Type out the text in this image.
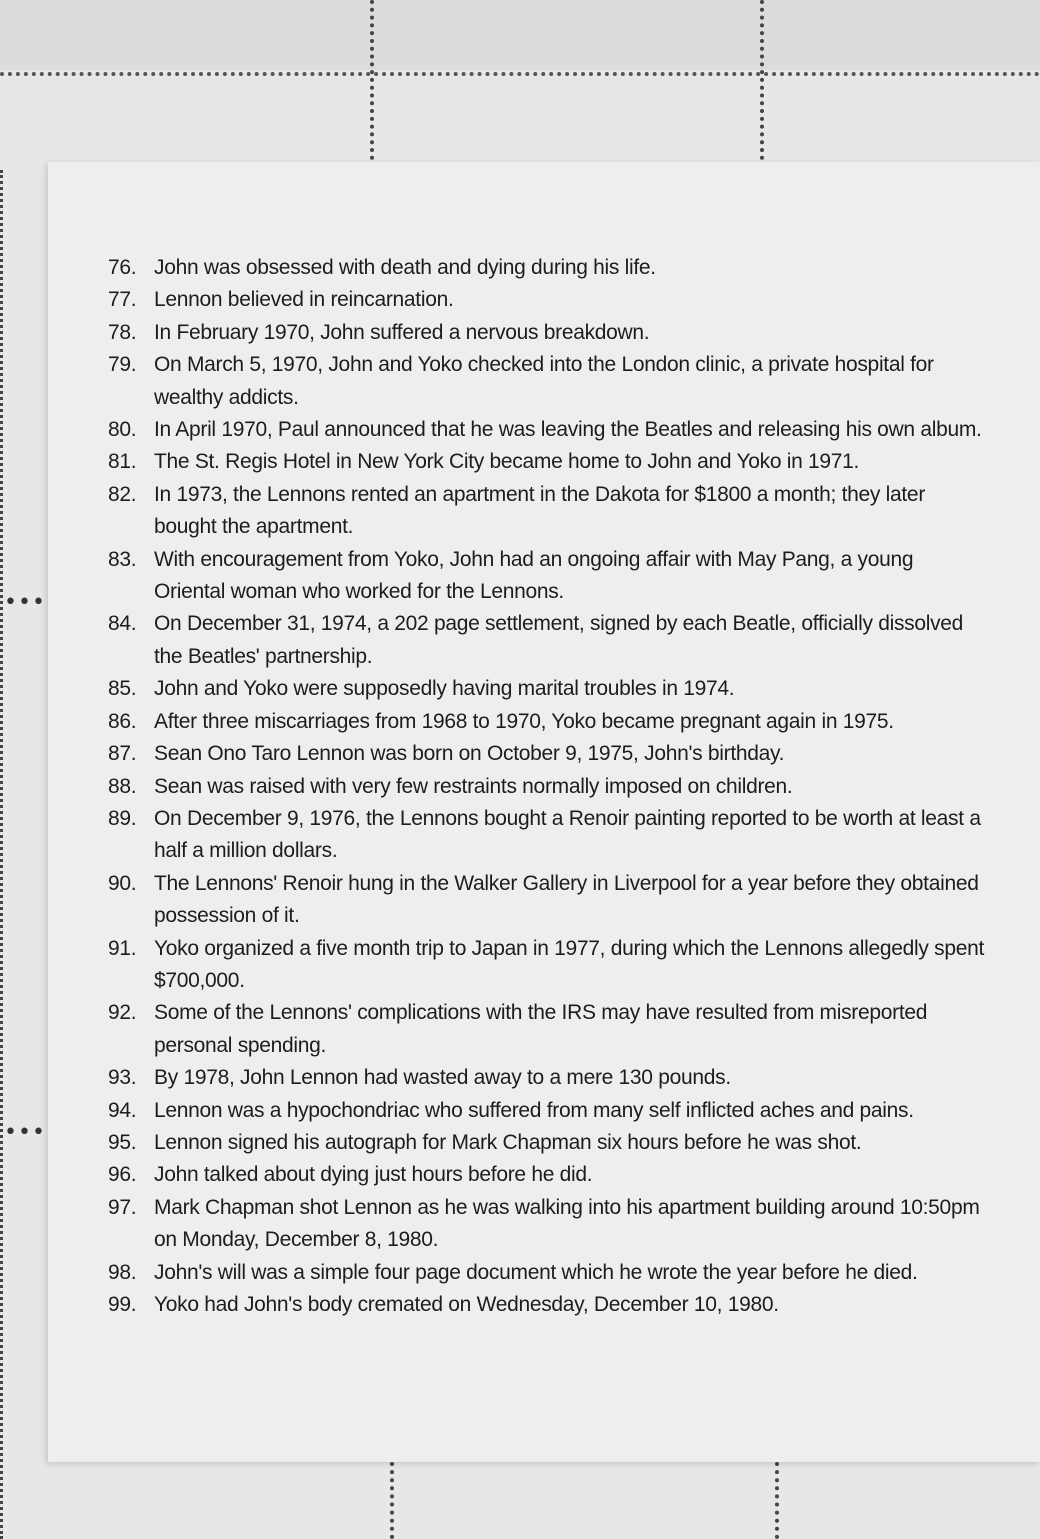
•••
•••
76. John was obsessed with death and dying during his life.
77. Lennon believed in reincarnation.
78. In February 1970, John suffered a nervous breakdown.
79. On March 5, 1970, John and Yoko checked into the London clinic, a private hospital for wealthy addicts.
80. In April 1970, Paul announced that he was leaving the Beatles and releasing his own album.
81. The St. Regis Hotel in New York City became home to John and Yoko in 1971.
82. In 1973, the Lennons rented an apartment in the Dakota for $1800 a month; they later bought the apartment.
83. With encouragement from Yoko, John had an ongoing affair with May Pang, a young Oriental woman who worked for the Lennons.
84. On December 31, 1974, a 202 page settlement, signed by each Beatle, officially dissolved the Beatles' partnership.
85. John and Yoko were supposedly having marital troubles in 1974.
86. After three miscarriages from 1968 to 1970, Yoko became pregnant again in 1975.
87. Sean Ono Taro Lennon was born on October 9, 1975, John's birthday.
88. Sean was raised with very few restraints normally imposed on children.
89. On December 9, 1976, the Lennons bought a Renoir painting reported to be worth at least a half a million dollars.
90. The Lennons' Renoir hung in the Walker Gallery in Liverpool for a year before they obtained possession of it.
91. Yoko organized a five month trip to Japan in 1977, during which the Lennons allegedly spent $700,000.
92. Some of the Lennons' complications with the IRS may have resulted from misreported personal spending.
93. By 1978, John Lennon had wasted away to a mere 130 pounds.
94. Lennon was a hypochondriac who suffered from many self inflicted aches and pains.
95. Lennon signed his autograph for Mark Chapman six hours before he was shot.
96. John talked about dying just hours before he did.
97. Mark Chapman shot Lennon as he was walking into his apartment building around 10:50pm on Monday, December 8, 1980.
98. John's will was a simple four page document which he wrote the year before he died.
99. Yoko had John's body cremated on Wednesday, December 10, 1980.
